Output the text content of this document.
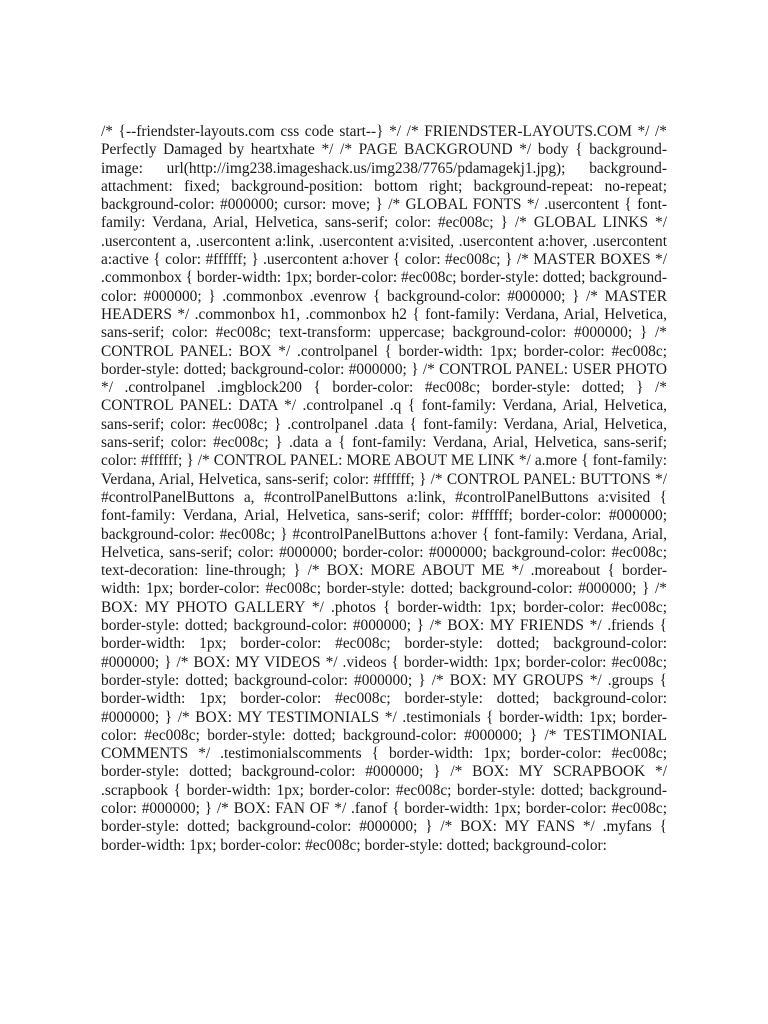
/* {--friendster-layouts.com css code start--} */ /* FRIENDSTER-LAYOUTS.COM */ /* Perfectly Damaged by heartxhate */ /* PAGE BACKGROUND */ body { background-image: url(http://img238.imageshack.us/img238/7765/pdamagekj1.jpg); background-attachment: fixed; background-position: bottom right; background-repeat: no-repeat; background-color: #000000; cursor: move; } /* GLOBAL FONTS */ .usercontent { font-family: Verdana, Arial, Helvetica, sans-serif; color: #ec008c; } /* GLOBAL LINKS */ .usercontent a, .usercontent a:link, .usercontent a:visited, .usercontent a:hover, .usercontent a:active { color: #ffffff; } .usercontent a:hover { color: #ec008c; } /* MASTER BOXES */ .commonbox { border-width: 1px; border-color: #ec008c; border-style: dotted; background-color: #000000; } .commonbox .evenrow { background-color: #000000; } /* MASTER HEADERS */ .commonbox h1, .commonbox h2 { font-family: Verdana, Arial, Helvetica, sans-serif; color: #ec008c; text-transform: uppercase; background-color: #000000; } /* CONTROL PANEL: BOX */ .controlpanel { border-width: 1px; border-color: #ec008c; border-style: dotted; background-color: #000000; } /* CONTROL PANEL: USER PHOTO */ .controlpanel .imgblock200 { border-color: #ec008c; border-style: dotted; } /* CONTROL PANEL: DATA */ .controlpanel .q { font-family: Verdana, Arial, Helvetica, sans-serif; color: #ec008c; } .controlpanel .data { font-family: Verdana, Arial, Helvetica, sans-serif; color: #ec008c; } .data a { font-family: Verdana, Arial, Helvetica, sans-serif; color: #ffffff; } /* CONTROL PANEL: MORE ABOUT ME LINK */ a.more { font-family: Verdana, Arial, Helvetica, sans-serif; color: #ffffff; } /* CONTROL PANEL: BUTTONS */ #controlPanelButtons a, #controlPanelButtons a:link, #controlPanelButtons a:visited { font-family: Verdana, Arial, Helvetica, sans-serif; color: #ffffff; border-color: #000000; background-color: #ec008c; } #controlPanelButtons a:hover { font-family: Verdana, Arial, Helvetica, sans-serif; color: #000000; border-color: #000000; background-color: #ec008c; text-decoration: line-through; } /* BOX: MORE ABOUT ME */ .moreabout { border-width: 1px; border-color: #ec008c; border-style: dotted; background-color: #000000; } /* BOX: MY PHOTO GALLERY */ .photos { border-width: 1px; border-color: #ec008c; border-style: dotted; background-color: #000000; } /* BOX: MY FRIENDS */ .friends { border-width: 1px; border-color: #ec008c; border-style: dotted; background-color: #000000; } /* BOX: MY VIDEOS */ .videos { border-width: 1px; border-color: #ec008c; border-style: dotted; background-color: #000000; } /* BOX: MY GROUPS */ .groups { border-width: 1px; border-color: #ec008c; border-style: dotted; background-color: #000000; } /* BOX: MY TESTIMONIALS */ .testimonials { border-width: 1px; border-color: #ec008c; border-style: dotted; background-color: #000000; } /* TESTIMONIAL COMMENTS */ .testimonialscomments { border-width: 1px; border-color: #ec008c; border-style: dotted; background-color: #000000; } /* BOX: MY SCRAPBOOK */ .scrapbook { border-width: 1px; border-color: #ec008c; border-style: dotted; background-color: #000000; } /* BOX: FAN OF */ .fanof { border-width: 1px; border-color: #ec008c; border-style: dotted; background-color: #000000; } /* BOX: MY FANS */ .myfans { border-width: 1px; border-color: #ec008c; border-style: dotted; background-color:
